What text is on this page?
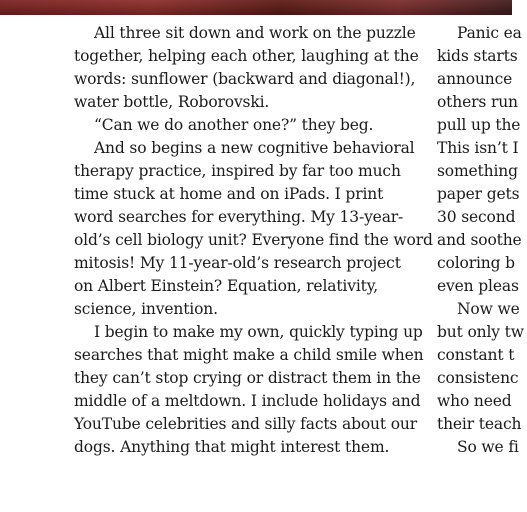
All three sit down and work on the puzzle
together, helping each other, laughing at the
words: sunflower (backward and diagonal!),
water bottle, Roborovski.
“Can we do another one?” they beg.
And so begins a new cognitive behavioral
therapy practice, inspired by far too much
time stuck at home and on iPads. I print
word searches for everything. My 13-year-
old’s cell biology unit? Everyone find the word
mitosis! My 11-year-old’s research project
on Albert Einstein? Equation, relativity,
science, invention.
I begin to make my own, quickly typing up
searches that might make a child smile when
they can’t stop crying or distract them in the
middle of a meltdown. I include holidays and
YouTube celebrities and silly facts about our
dogs. Anything that might interest them.
Panic ea
kids starts
announce
others run
pull up the
This isn’t I
something
paper gets
30 second
and soothe
coloring b
even pleas
Now we
but only tw
constant t
consistenc
who need
their teach
So we fi
